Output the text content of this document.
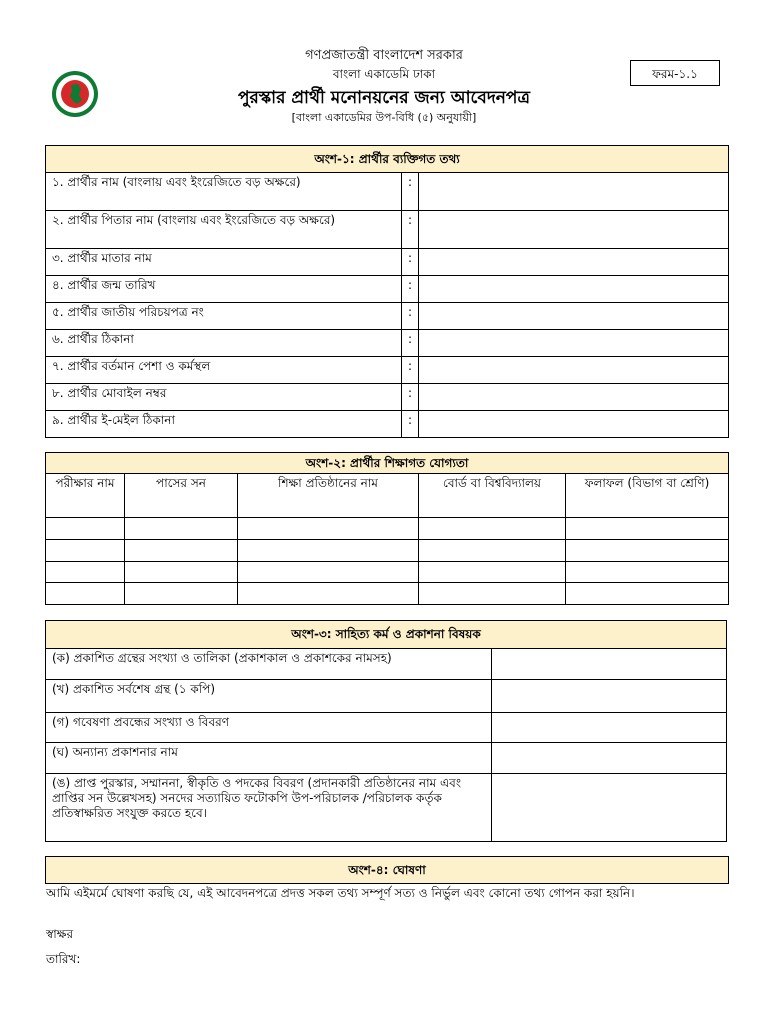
গণপ্রজাতন্ত্রী বাংলাদেশ সরকার
বাংলা একাডেমি ঢাকা
পুরস্কার প্রার্থী মনোনয়নের জন্য আবেদনপত্র
[বাংলা একাডেমির উপ-বিধি (৫) অনুযায়ী]
ফরম-১.১
অংশ-১: প্রার্থীর ব্যক্তিগত তথ্য		
১. প্রার্থীর নাম (বাংলায় এবং ইংরেজিতে বড় অক্ষরে)	:	
২. প্রার্থীর পিতার নাম (বাংলায় এবং ইংরেজিতে বড় অক্ষরে)	:	
৩. প্রার্থীর মাতার নাম	:	
৪. প্রার্থীর জন্ম তারিখ	:	
৫. প্রার্থীর জাতীয় পরিচয়পত্র নং	:	
৬. প্রার্থীর ঠিকানা	:	
৭. প্রার্থীর বর্তমান পেশা ও কর্মস্থল	:	
৮. প্রার্থীর মোবাইল নম্বর	:	
৯. প্রার্থীর ই-মেইল ঠিকানা	:	
অংশ-২: প্রার্থীর শিক্ষাগত যোগ্যতা				
পরীক্ষার নাম	পাসের সন	শিক্ষা প্রতিষ্ঠানের নাম	বোর্ড বা বিশ্ববিদ্যালয়	ফলাফল (বিভাগ বা শ্রেণি)

অংশ-৩: সাহিত্য কর্ম ও প্রকাশনা বিষয়ক	
(ক) প্রকাশিত গ্রন্থের সংখ্যা ও তালিকা (প্রকাশকাল ও প্রকাশকের নামসহ)	
(খ) প্রকাশিত সর্বশেষ গ্রন্থ (১ কপি)	
(গ) গবেষণা প্রবন্ধের সংখ্যা ও বিবরণ	
(ঘ) অন্যান্য প্রকাশনার নাম	
(ঙ) প্রাপ্ত পুরস্কার, সম্মাননা, স্বীকৃতি ও পদকের বিবরণ (প্রদানকারী প্রতিষ্ঠানের নাম এবং প্রাপ্তির সন উল্লেখসহ) সনদের সত্যায়িত ফটোকপি উপ-পরিচালক /পরিচালক কর্তৃক প্রতিস্বাক্ষরিত সংযুক্ত করতে হবে।	
অংশ-৪: ঘোষণা
আমি এইমর্মে ঘোষণা করছি যে, এই আবেদনপত্রে প্রদত্ত সকল তথ্য সম্পূর্ণ সত্য ও নির্ভুল এবং কোনো তথ্য গোপন করা হয়নি।
স্বাক্ষর
তারিখ:
